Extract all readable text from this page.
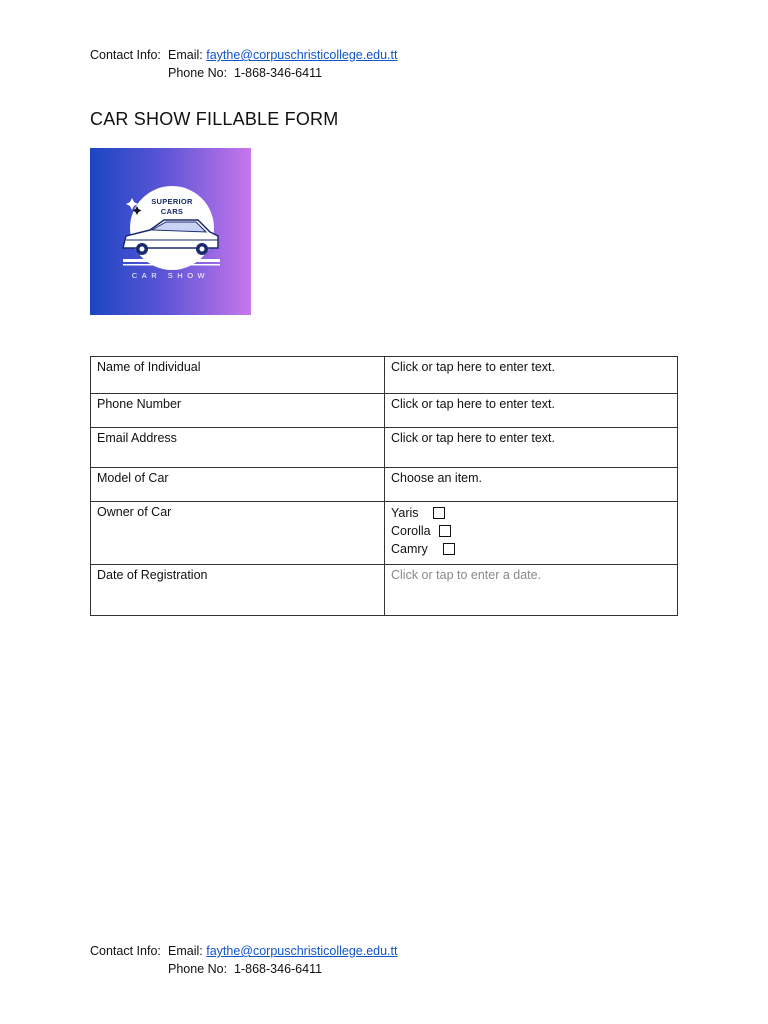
Contact Info: Email: faythe@corpuschristicollege.edu.tt
Phone No: 1-868-346-6411
CAR SHOW FILLABLE FORM
SUPERIOR
CARS
CAR SHOW
Name of Individual	Click or tap here to enter text.
Phone Number	Click or tap here to enter text.
Email Address	Click or tap here to enter text.
Model of Car	Choose an item.
Owner of Car	Yaris
Corolla
Camry

Date of Registration	Click or tap to enter a date.
Contact Info: Email: faythe@corpuschristicollege.edu.tt
Phone No: 1-868-346-6411
